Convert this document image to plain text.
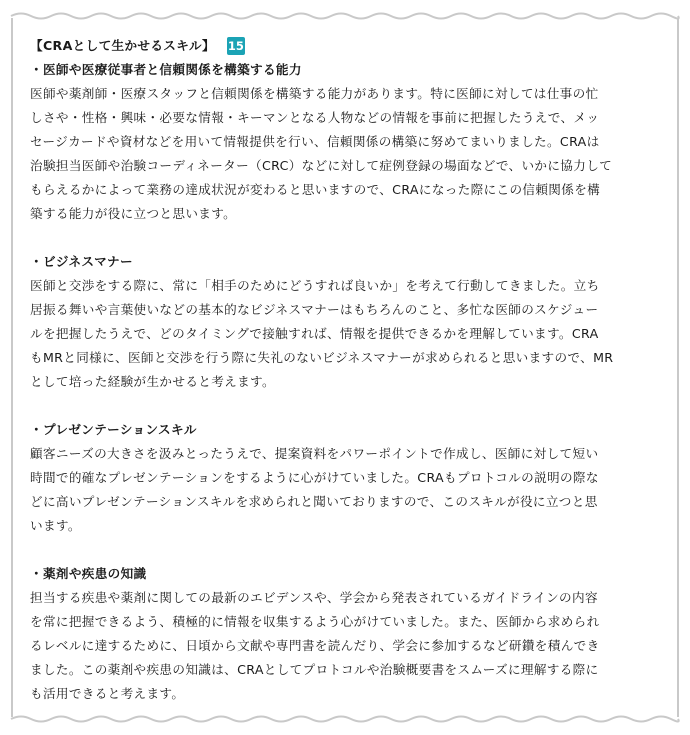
【CRAとして生かせるスキル】 15
・医師や医療従事者と信頼関係を構築する能力

医師や薬剤師・医療スタッフと信頼関係を構築する能力があります。特に医師に対しては仕事の忙

しさや・性格・興味・必要な情報・キーマンとなる人物などの情報を事前に把握したうえで、メッ

セージカードや資材などを用いて情報提供を行い、信頼関係の構築に努めてまいりました。CRAは

治験担当医師や治験コーディネーター（CRC）などに対して症例登録の場面などで、いかに協力して

もらえるかによって業務の達成状況が変わると思いますので、CRAになった際にこの信頼関係を構

築する能力が役に立つと思います。

・ビジネスマナー

医師と交渉をする際に、常に「相手のためにどうすれば良いか」を考えて行動してきました。立ち

居振る舞いや言葉使いなどの基本的なビジネスマナーはもちろんのこと、多忙な医師のスケジュー

ルを把握したうえで、どのタイミングで接触すれば、情報を提供できるかを理解しています。CRA

もMRと同様に、医師と交渉を行う際に失礼のないビジネスマナーが求められると思いますので、MR

として培った経験が生かせると考えます。

・プレゼンテーションスキル

顧客ニーズの大きさを汲みとったうえで、提案資料をパワーポイントで作成し、医師に対して短い

時間で的確なプレゼンテーションをするように心がけていました。CRAもプロトコルの説明の際な

どに高いプレゼンテーションスキルを求められと聞いておりますので、このスキルが役に立つと思

います。

・薬剤や疾患の知識

担当する疾患や薬剤に関しての最新のエビデンスや、学会から発表されているガイドラインの内容

を常に把握できるよう、積極的に情報を収集するよう心がけていました。また、医師から求められ

るレベルに達するために、日頃から文献や専門書を読んだり、学会に参加するなど研鑽を積んでき

ました。この薬剤や疾患の知識は、CRAとしてプロトコルや治験概要書をスムーズに理解する際に

も活用できると考えます。
